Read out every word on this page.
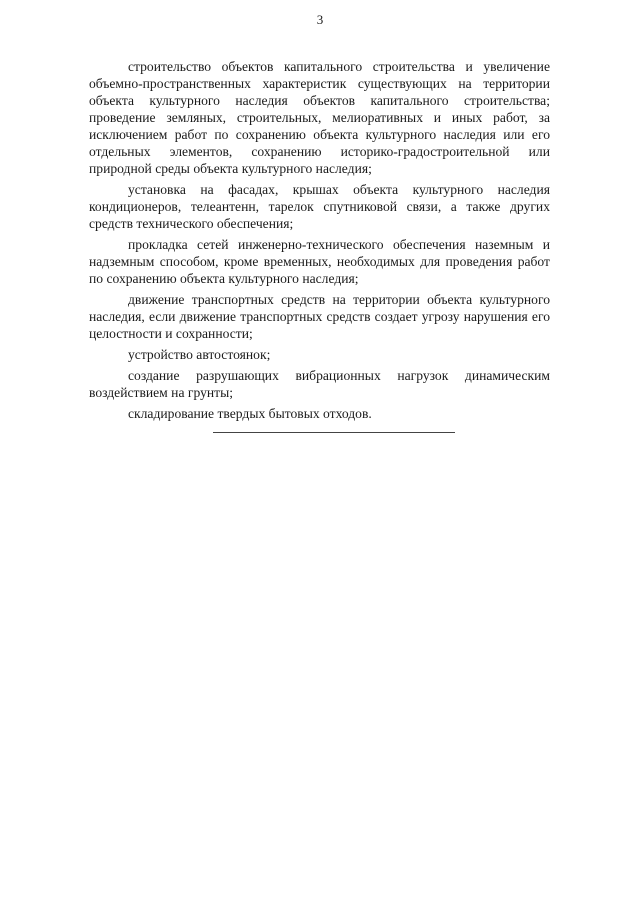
3

строительство объектов капитального строительства и увеличение объемно-пространственных характеристик существующих на территории объекта культурного наследия объектов капитального строительства; проведение земляных, строительных, мелиоративных и иных работ, за исключением работ по сохранению объекта культурного наследия или его отдельных элементов, сохранению историко-градостроительной или природной среды объекта культурного наследия;

установка на фасадах, крышах объекта культурного наследия кондиционеров, телеантенн, тарелок спутниковой связи, а также других средств технического обеспечения;

прокладка сетей инженерно-технического обеспечения наземным и надземным способом, кроме временных, необходимых для проведения работ по сохранению объекта культурного наследия;

движение транспортных средств на территории объекта культурного наследия, если движение транспортных средств создает угрозу нарушения его целостности и сохранности;

устройство автостоянок;

создание разрушающих вибрационных нагрузок динамическим воздействием на грунты;

складирование твердых бытовых отходов.
